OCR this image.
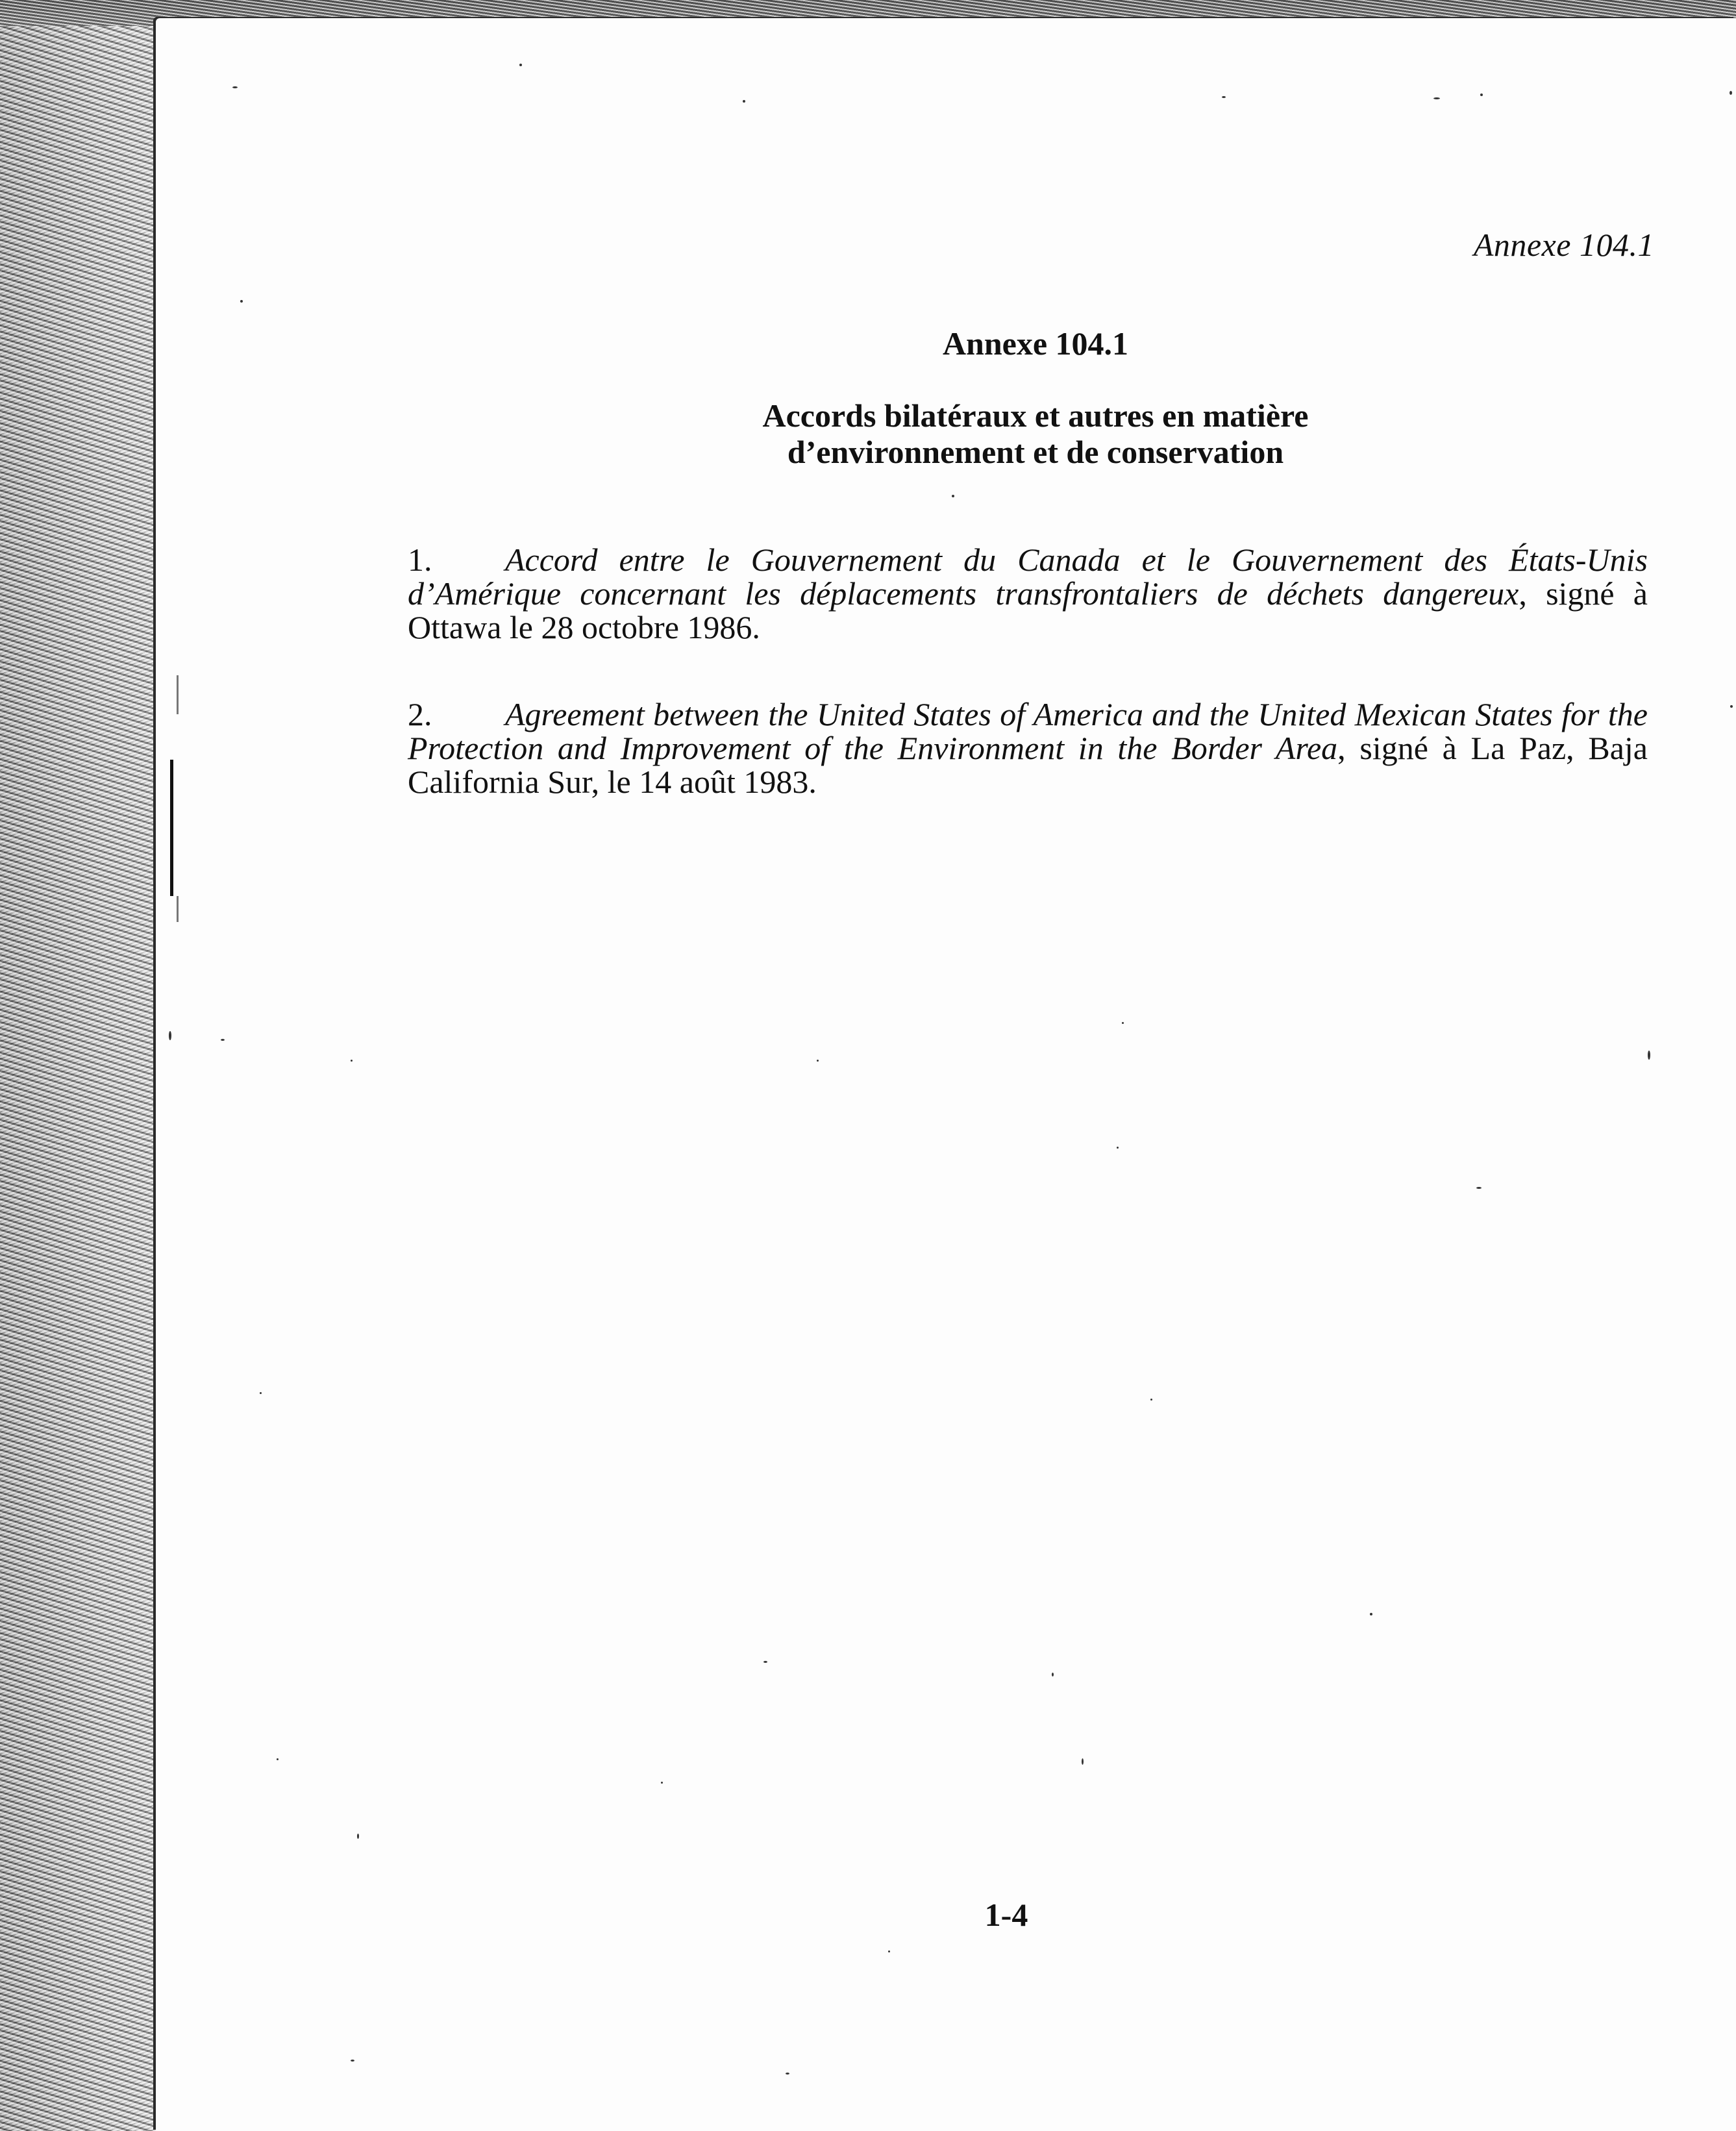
Annexe 104.1
Annexe 104.1
Accords bilatéraux et autres en matière
d’environnement et de conservation
1. Accord entre le Gouvernement du Canada et le Gouvernement des États-Unis d’Amérique concernant les déplacements transfrontaliers de déchets dangereux, signé à Ottawa le 28 octobre 1986.
2. Agreement between the United States of America and the United Mexican States for the Protection and Improvement of the Environment in the Border Area, signé à La Paz, Baja California Sur, le 14 août 1983.
1-4
